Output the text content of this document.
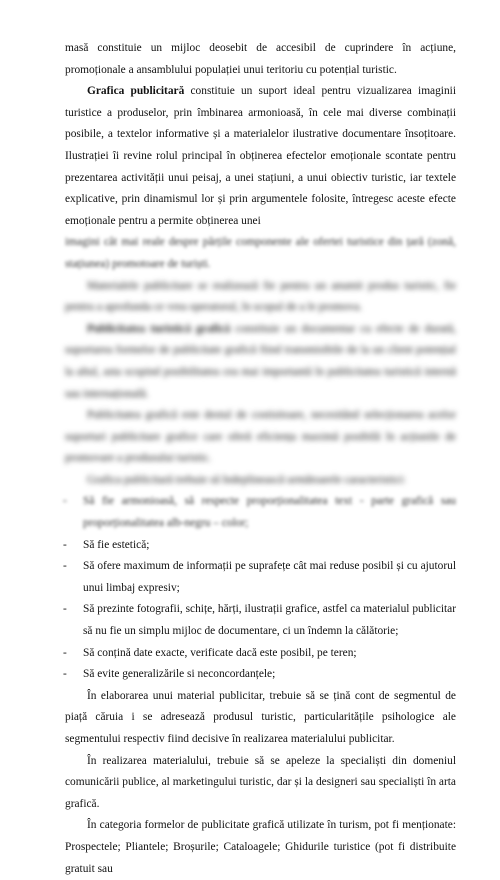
masă constituie un mijloc deosebit de accesibil de cuprindere în acțiune, promoționale a ansamblului populației unui teritoriu cu potențial turistic.

Grafica publicitară constituie un suport ideal pentru vizualizarea imaginii turistice a produselor, prin îmbinarea armonioasă, în cele mai diverse combinații posibile, a textelor informative și a materialelor ilustrative documentare însoțitoare. Ilustrației îi revine rolul principal în obținerea efectelor emoționale scontate pentru prezentarea activității unui peisaj, a unei stațiuni, a unui obiectiv turistic, iar textele explicative, prin dinamismul lor și prin argumentele folosite, întregesc aceste efecte emoționale pentru a permite obținerea unei

imagini cât mai reale despre părțile componente ale ofertei turistice din țară (zonă, stațiunea) promotoare de turiști.

Materialele publicitare se realizează fie pentru un anumit produs turistic, fie pentru a aprofunda ce vrea operatorul, în scopul de a le promova.

Publicitatea turistică grafică constituie un documentar cu efecte de durată, suportarea formelor de publicitate grafică fiind transmisibile de la un client potențial la altul, asta scopind posibilitatea cea mai importantă în publicitatea turistică internă sau internațională.

Publicitatea grafică este destul de costisitoare, necesitând selecționarea acelor suporturi publicitare grafice care oferă eficiența maximă posibilă în acțiunile de promovare a produsului turistic.

Grafica publicitară trebuie să îndeplinească următoarele caracteristici:

- Să fie armonioasă, să respecte proporționalitatea text - parte grafică sau proporționalitatea alb-negru – color;
- Să fie estetică;
- Să ofere maximum de informații pe suprafețe cât mai reduse posibil și cu ajutorul unui limbaj expresiv;
- Să prezinte fotografii, schițe, hărți, ilustrații grafice, astfel ca materialul publicitar să nu fie un simplu mijloc de documentare, ci un îndemn la călătorie;
- Să conțină date exacte, verificate dacă este posibil, pe teren;
- Să evite generalizările si neconcordanțele;

În elaborarea unui material publicitar, trebuie să se țină cont de segmentul de piață căruia i se adresează produsul turistic, particularitățile psihologice ale segmentului respectiv fiind decisive în realizarea materialului publicitar.

În realizarea materialului, trebuie să se apeleze la specialiști din domeniul comunicării publice, al marketingului turistic, dar și la designeri sau specialiști în arta grafică.

În categoria formelor de publicitate grafică utilizate în turism, pot fi menționate: Prospectele; Pliantele; Broșurile; Cataloagele; Ghidurile turistice (pot fi distribuite gratuit sau
